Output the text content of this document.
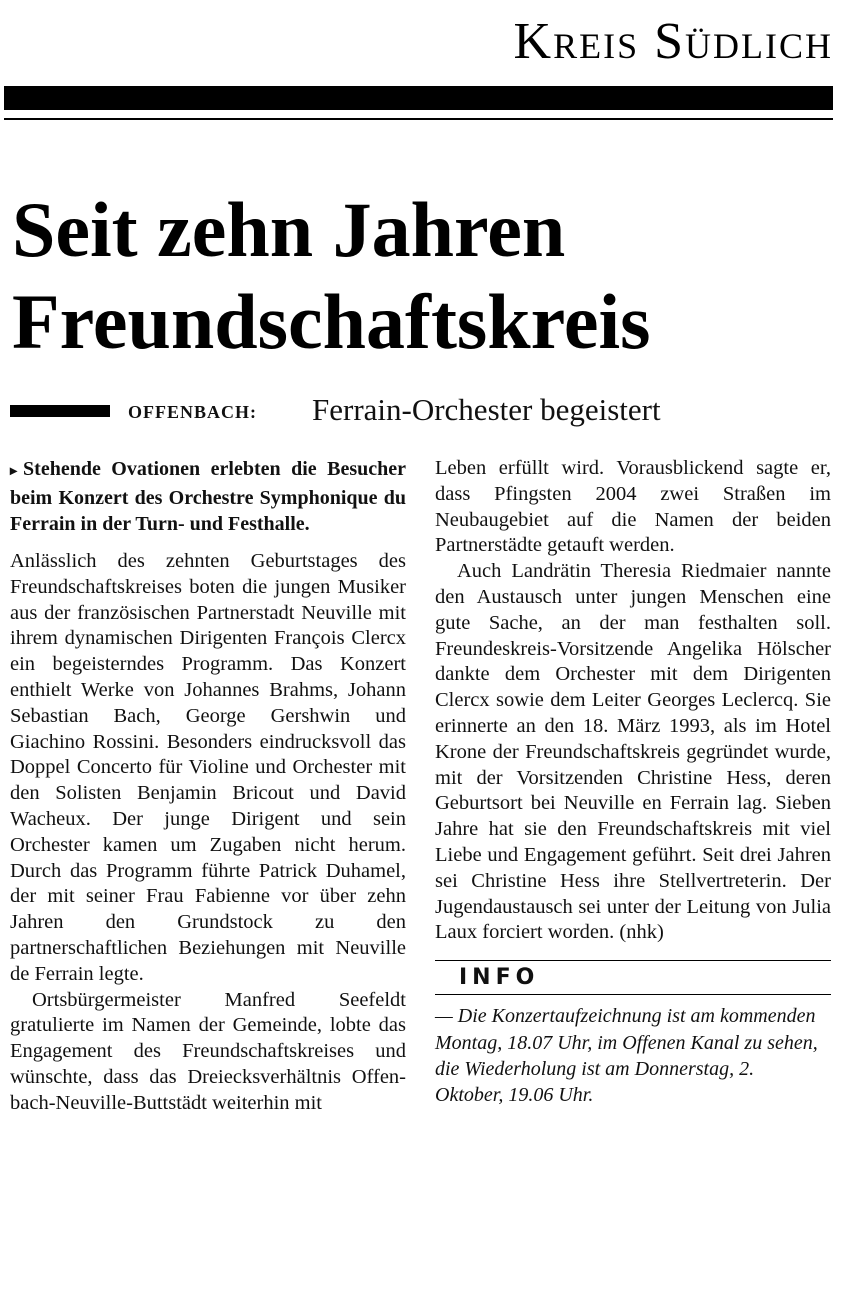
Kreis Südlich
Seit zehn Jahren Freundschaftskreis
OFFENBACH: Ferrain-Orchester begeistert

▸ Stehende Ovationen erlebten die Besucher beim Konzert des Orchestre Symphonique du Ferrain in der Turn- und Festhalle.

Anlässlich des zehnten Geburtstages des Freundschaftskreises boten die jungen Musiker aus der französischen Partnerstadt Neuville mit ihrem dynamischen Dirigenten François Clercx ein begeisterndes Programm. Das Konzert enthielt Werke von Johannes Brahms, Johann Sebastian Bach, George Gershwin und Giachino Rossini. Besonders eindrucksvoll das Doppel Concerto für Violine und Orchester mit den Solisten Benjamin Bricout und David Wacheux. Der junge Dirigent und sein Orchester kamen um Zugaben nicht herum. Durch das Programm führte Patrick Duhamel, der mit seiner Frau Fabienne vor über zehn Jahren den Grundstock zu den partnerschaftlichen Beziehungen mit Neuville de Ferrain legte.

Ortsbürgermeister Manfred Seefeldt gratulierte im Namen der Gemeinde, lobte das Engagement des Freundschaftskreises und wünschte, dass das Dreiecksverhältnis Offenbach-Neuville-Buttstädt weiterhin mit

Leben erfüllt wird. Vorausblickend sagte er, dass Pfingsten 2004 zwei Straßen im Neubaugebiet auf die Namen der beiden Partnerstädte getauft werden.

Auch Landrätin Theresia Riedmaier nannte den Austausch unter jungen Menschen eine gute Sache, an der man festhalten soll. Freundeskreis-Vorsitzende Angelika Hölscher dankte dem Orchester mit dem Dirigenten Clercx sowie dem Leiter Georges Leclercq. Sie erinnerte an den 18. März 1993, als im Hotel Krone der Freundschaftskreis gegründet wurde, mit der Vorsitzenden Christine Hess, deren Geburtsort bei Neuville en Ferrain lag. Sieben Jahre hat sie den Freundschaftskreis mit viel Liebe und Engagement geführt. Seit drei Jahren sei Christine Hess ihre Stellvertreterin. Der Jugendaustausch sei unter der Leitung von Julia Laux forciert worden. (nhk)

INFO

— Die Konzertaufzeichnung ist am kommenden Montag, 18.07 Uhr, im Offenen Kanal zu sehen, die Wiederholung ist am Donnerstag, 2. Oktober, 19.06 Uhr.
